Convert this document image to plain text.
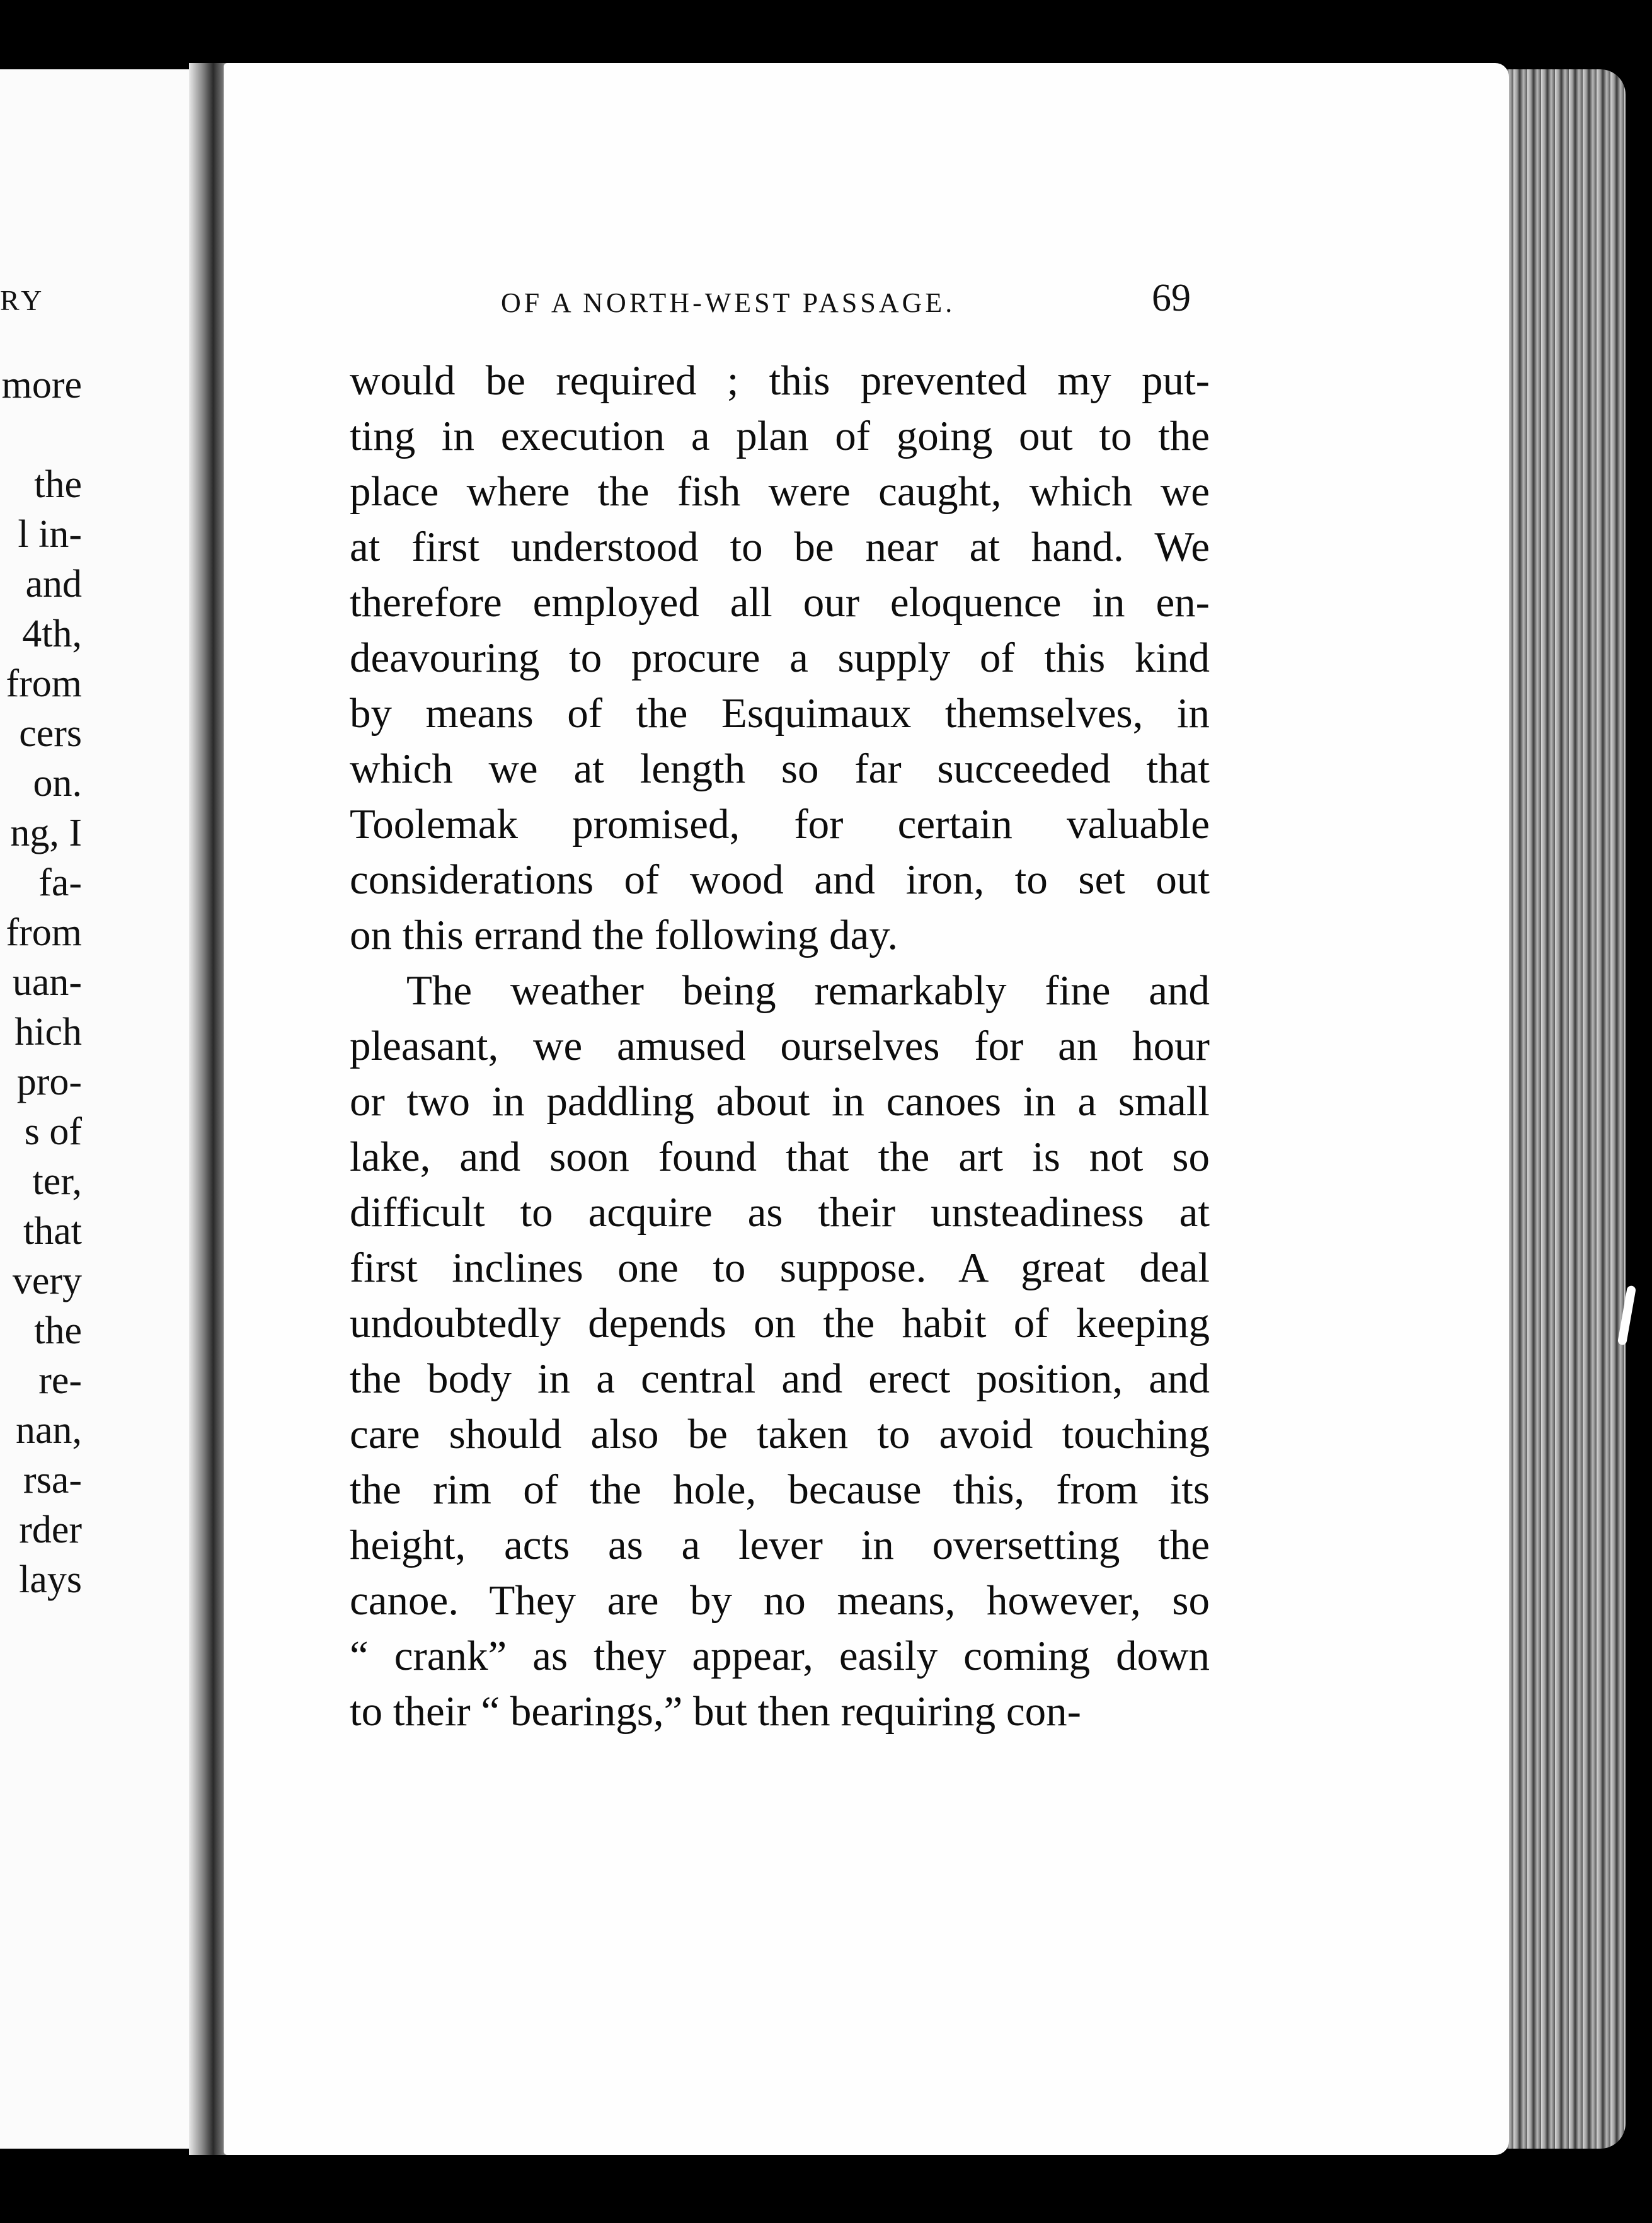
RY
more
the
l in-
and
4th,
from
cers
on.
ng, I
fa-
from
uan-
hich
pro-
s of
ter,
that
very
the
re-
nan,
rsa-
rder
lays
OF A NORTH-WEST PASSAGE.	69
would be required ; this prevented my put-
ting in execution a plan of going out to the
place where the fish were caught, which we
at first understood to be near at hand. We
therefore employed all our eloquence in en-
deavouring to procure a supply of this kind
by means of the Esquimaux themselves, in
which we at length so far succeeded that
Toolemak promised, for certain valuable
considerations of wood and iron, to set out
on this errand the following day.
The weather being remarkably fine and
pleasant, we amused ourselves for an hour
or two in paddling about in canoes in a small
lake, and soon found that the art is not so
difficult to acquire as their unsteadiness at
first inclines one to suppose. A great deal
undoubtedly depends on the habit of keeping
the body in a central and erect position, and
care should also be taken to avoid touching
the rim of the hole, because this, from its
height, acts as a lever in oversetting the
canoe. They are by no means, however, so
“ crank” as they appear, easily coming down
to their “ bearings,” but then requiring con-
